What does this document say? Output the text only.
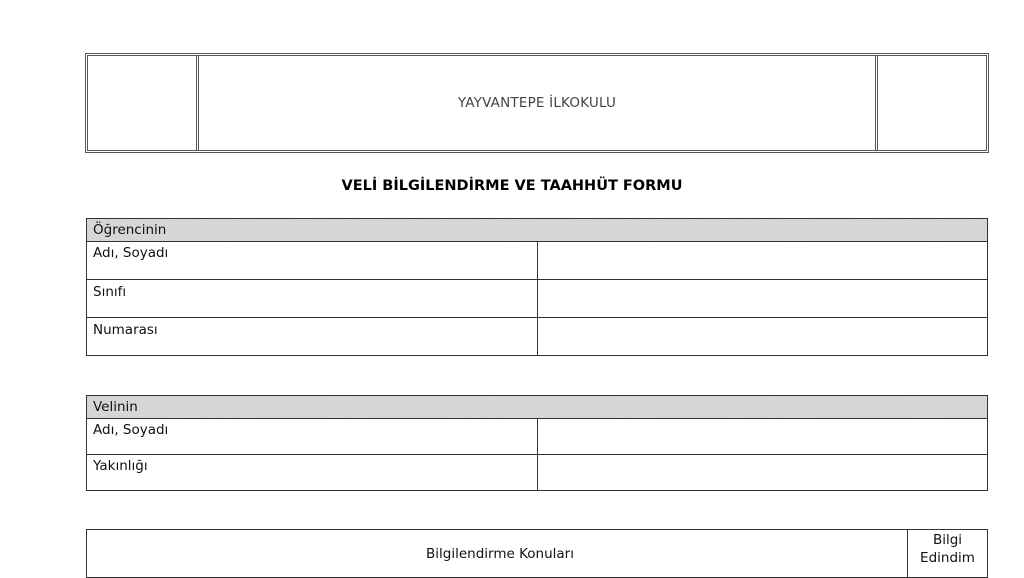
YAYVANTEPE İLKOKULU
VELİ BİLGİLENDİRME VE TAAHHÜT FORMU
Öğrencinin	
Adı, Soyadı	
Sınıfı	
Numarası	
Velinin	
Adı, Soyadı	
Yakınlığı	
Bilgilendirme Konuları	Bilgi
Edindim
